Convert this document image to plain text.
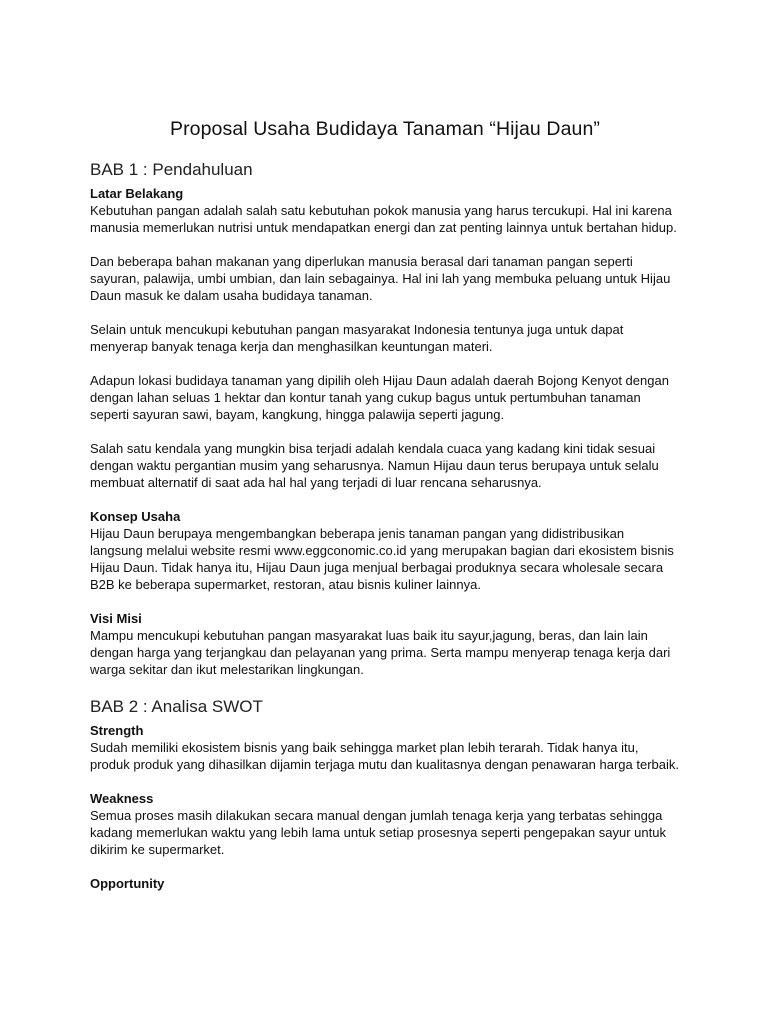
Proposal Usaha Budidaya Tanaman “Hijau Daun”
BAB 1 : Pendahuluan
Latar Belakang

Kebutuhan pangan adalah salah satu kebutuhan pokok manusia yang harus tercukupi. Hal ini karena manusia memerlukan nutrisi untuk mendapatkan energi dan zat penting lainnya untuk bertahan hidup.

Dan beberapa bahan makanan yang diperlukan manusia berasal dari tanaman pangan seperti sayuran, palawija, umbi umbian, dan lain sebagainya. Hal ini lah yang membuka peluang untuk Hijau Daun masuk ke dalam usaha budidaya tanaman.

Selain untuk mencukupi kebutuhan pangan masyarakat Indonesia tentunya juga untuk dapat menyerap banyak tenaga kerja dan menghasilkan keuntungan materi.

Adapun lokasi budidaya tanaman yang dipilih oleh Hijau Daun adalah daerah Bojong Kenyot dengan dengan lahan seluas 1 hektar dan kontur tanah yang cukup bagus untuk pertumbuhan tanaman seperti sayuran sawi, bayam, kangkung, hingga palawija seperti jagung.

Salah satu kendala yang mungkin bisa terjadi adalah kendala cuaca yang kadang kini tidak sesuai dengan waktu pergantian musim yang seharusnya. Namun Hijau daun terus berupaya untuk selalu membuat alternatif di saat ada hal hal yang terjadi di luar rencana seharusnya.

Konsep Usaha

Hijau Daun berupaya mengembangkan beberapa jenis tanaman pangan yang didistribusikan langsung melalui website resmi www.eggconomic.co.id yang merupakan bagian dari ekosistem bisnis Hijau Daun. Tidak hanya itu, Hijau Daun juga menjual berbagai produknya secara wholesale secara B2B ke beberapa supermarket, restoran, atau bisnis kuliner lainnya.

Visi Misi

Mampu mencukupi kebutuhan pangan masyarakat luas baik itu sayur,jagung, beras, dan lain lain dengan harga yang terjangkau dan pelayanan yang prima. Serta mampu menyerap tenaga kerja dari warga sekitar dan ikut melestarikan lingkungan.

BAB 2 : Analisa SWOT
Strength

Sudah memiliki ekosistem bisnis yang baik sehingga market plan lebih terarah. Tidak hanya itu, produk produk yang dihasilkan dijamin terjaga mutu dan kualitasnya dengan penawaran harga terbaik.

Weakness

Semua proses masih dilakukan secara manual dengan jumlah tenaga kerja yang terbatas sehingga kadang memerlukan waktu yang lebih lama untuk setiap prosesnya seperti pengepakan sayur untuk dikirim ke supermarket.

Opportunity
